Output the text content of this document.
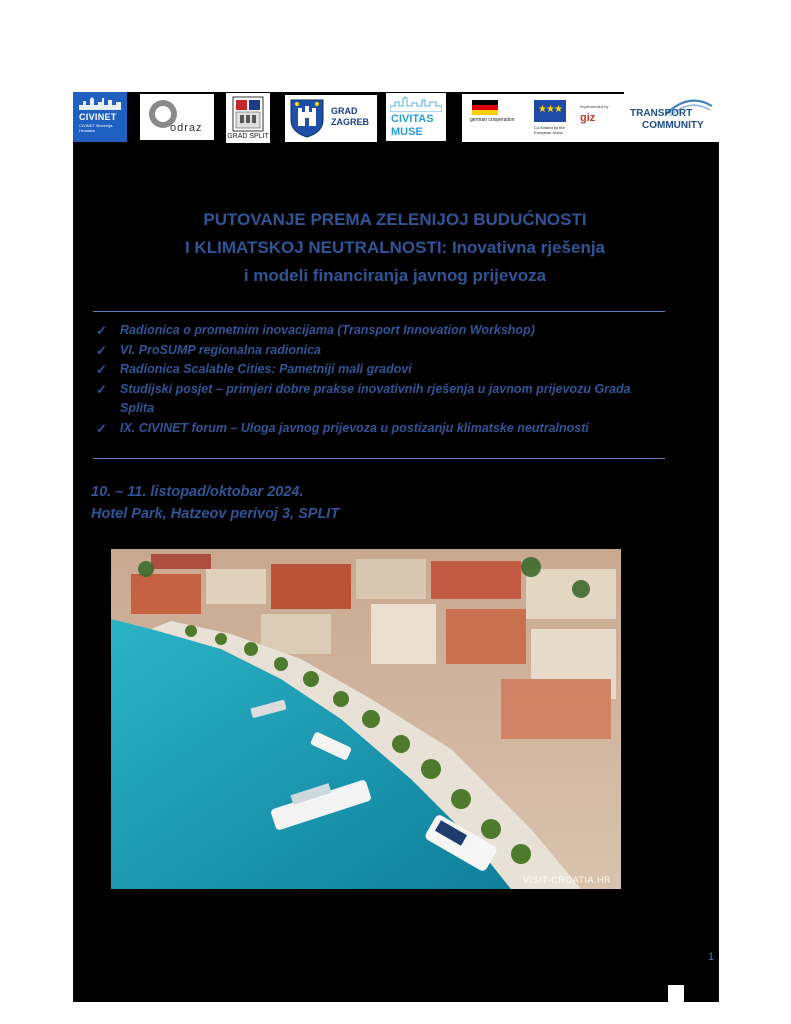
CIVINET
CIVINET Slovenija-Hrvatska	odraz
GRAD SPLIT
GRAD
ZAGREB CIVITAS
MUSE
german cooperation
★★★
Co-funded by the European Union
Implemented by
giz	TRANSPORT
COMMUNITY
PUTOVANJE PREMA ZELENIJOJ BUDUĆNOSTI
I KLIMATSKOJ NEUTRALNOSTI: Inovativna rješenja
i modeli financiranja javnog prijevoza
✓ Radionica o prometnim inovacijama (Transport Innovation Workshop)
✓ VI. ProSUMP regionalna radionica
✓ Radionica Scalable Cities: Pametniji mali gradovi
✓ Studijski posjet – primjeri dobre prakse inovativnih rješenja u javnom prijevozu Grada Splita
✓ IX. CIVINET forum – Uloga javnog prijevoza u postizanju klimatske neutralnosti
10. – 11. listopad/oktobar 2024.
Hotel Park, Hatzeov perivoj 3, SPLIT
VISIT-CROATIA.HR
1
